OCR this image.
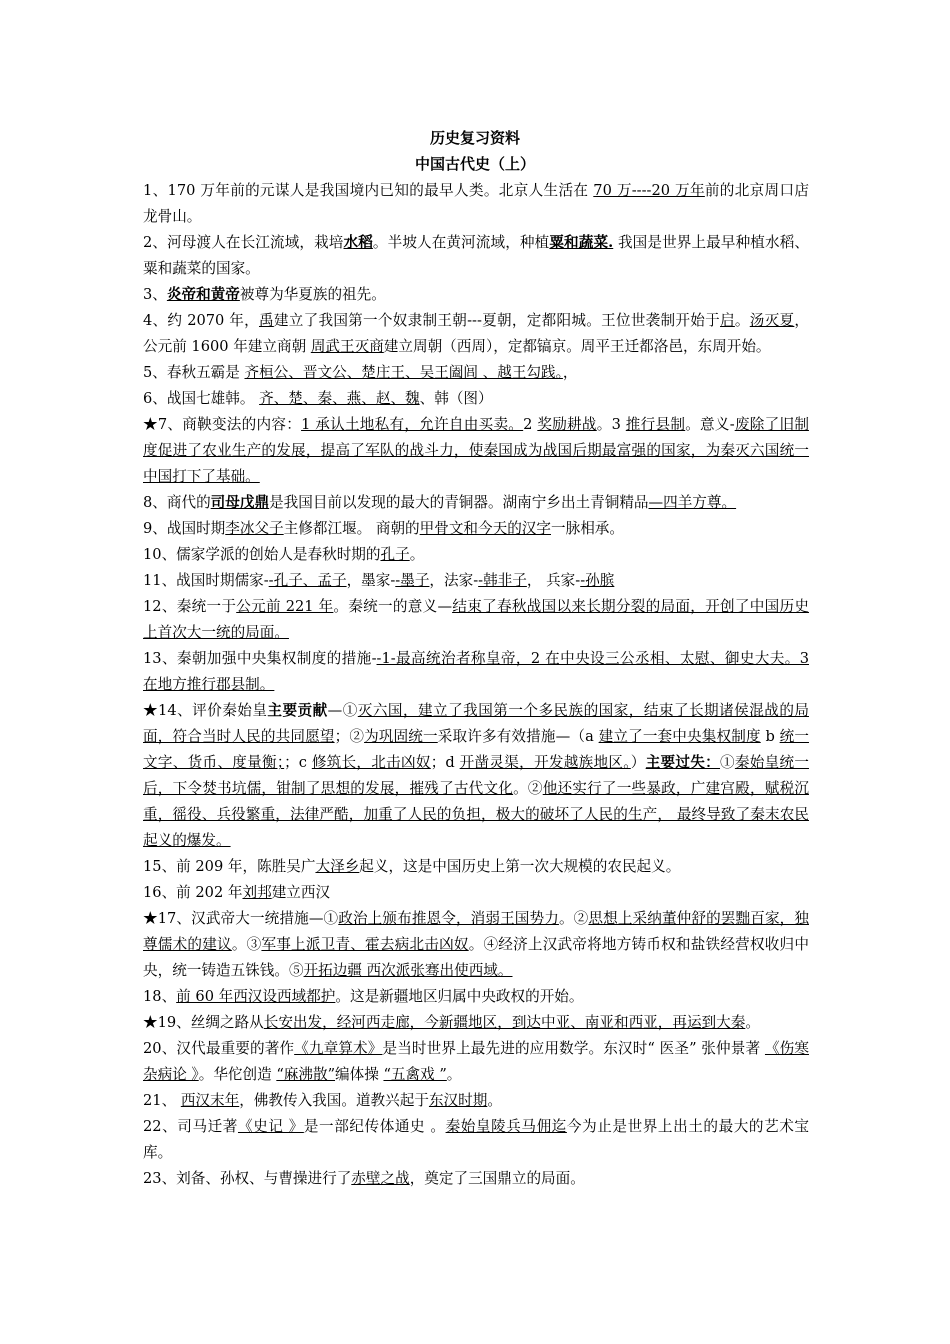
历史复习资料
中国古代史（上）

1、170 万年前的元谋人是我国境内已知的最早人类。北京人生活在 70 万----20 万年前的北京周口店龙骨山。

2、河母渡人在长江流域，栽培水稻。半坡人在黄河流域，种植粟和蔬菜. 我国是世界上最早种植水稻、粟和蔬菜的国家。

3、炎帝和黄帝被尊为华夏族的祖先。

4、约 2070 年，禹建立了我国第一个奴隶制王朝---夏朝，定都阳城。王位世袭制开始于启。汤灭夏，公元前 1600 年建立商朝 周武王灭商建立周朝（西周），定都镐京。周平王迁都洛邑，东周开始。

5、春秋五霸是 齐桓公、晋文公、楚庄王、吴王阖闾 、越王勾践。，

6、战国七雄韩。 齐、楚、秦、燕、赵、魏、韩（图）

★7、商鞅变法的内容：1 承认土地私有，允许自由买卖。2 奖励耕战。3 推行县制。意义-废除了旧制度促进了农业生产的发展，提高了军队的战斗力，使秦国成为战国后期最富强的国家，为秦灭六国统一中国打下了基础。

8、商代的司母戊鼎是我国目前以发现的最大的青铜器。湖南宁乡出土青铜精品—四羊方尊。

9、战国时期李冰父子主修都江堰。 商朝的甲骨文和今天的汉字一脉相承。

10、儒家学派的创始人是春秋时期的孔子。

11、战国时期儒家--孔子、孟子，墨家--墨子，法家--韩非子， 兵家--孙膑

12、秦统一于公元前 221 年。秦统一的意义—结束了春秋战国以来长期分裂的局面，开创了中国历史上首次大一统的局面。

13、秦朝加强中央集权制度的措施--1-最高统治者称皇帝，2 在中央设三公丞相、太慰、御史大夫。3 在地方推行郡县制。

★14、评价秦始皇主要贡献—①灭六国，建立了我国第一个多民族的国家，结束了长期诸侯混战的局面，符合当时人民的共同愿望；②为巩固统一采取许多有效措施—（a 建立了一套中央集权制度 b 统一文字、货币、度量衡；；c 修筑长，北击凶奴；d 开凿灵渠，开发越族地区。）主要过失：①秦始皇统一后，下令焚书坑儒，钳制了思想的发展，摧残了古代文化。②他还实行了一些暴政，广建宫殿，赋税沉重，徭役、兵役繁重，法律严酷，加重了人民的负担，极大的破坏了人民的生产， 最终导致了秦末农民起义的爆发。

15、前 209 年，陈胜吴广大泽乡起义，这是中国历史上第一次大规模的农民起义。

16、前 202 年刘邦建立西汉

★17、汉武帝大一统措施—①政治上颁布推恩令，消弱王国势力。②思想上采纳董仲舒的罢黜百家，独尊儒术的建议。③军事上派卫青、霍去病北击凶奴。④经济上汉武帝将地方铸币权和盐铁经营权收归中央，统一铸造五铢钱。⑤开拓边疆 西次派张骞出使西域。

18、前 60 年西汉设西域都护。这是新疆地区归属中央政权的开始。

★19、丝绸之路从长安出发，经河西走廊，今新疆地区，到达中亚、南亚和西亚，再运到大秦。

20、汉代最重要的著作《九章算术》是当时世界上最先进的应用数学。东汉时“ 医圣” 张仲景著 《伤寒杂病论 》。华佗创造 “麻沸散”编体操 “五禽戏 ”。

21、 西汉末年，佛教传入我国。道教兴起于东汉时期。

22、司马迁著《史记 》是一部纪传体通史 。秦始皇陵兵马佣迄今为止是世界上出土的最大的艺术宝库。

23、刘备、孙权、与曹操进行了赤壁之战，奠定了三国鼎立的局面。
